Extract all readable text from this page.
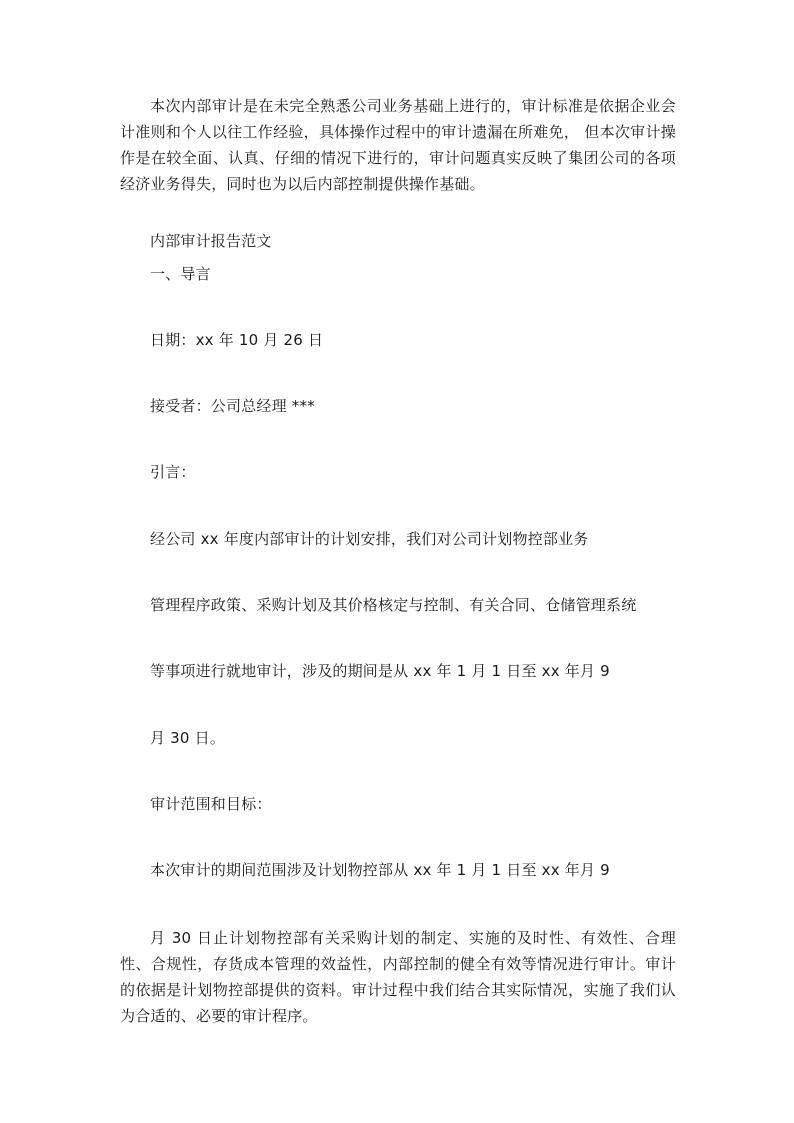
本次内部审计是在未完全熟悉公司业务基础上进行的，审计标准是依据企业会计准则和个人以往工作经验，具体操作过程中的审计遗漏在所难免， 但本次审计操作是在较全面、认真、仔细的情况下进行的，审计问题真实反映了集团公司的各项经济业务得失，同时也为以后内部控制提供操作基础。

内部审计报告范文

一、导言

日期：xx 年 10 月 26 日

接受者：公司总经理 ***

引言：

经公司 xx 年度内部审计的计划安排，我们对公司计划物控部业务

管理程序政策、采购计划及其价格核定与控制、有关合同、仓储管理系统

等事项进行就地审计，涉及的期间是从 xx 年 1 月 1 日至 xx 年月 9

月 30 日。

审计范围和目标：

本次审计的期间范围涉及计划物控部从 xx 年 1 月 1 日至 xx 年月 9

月 30 日止计划物控部有关采购计划的制定、实施的及时性、有效性、合理性、合规性，存货成本管理的效益性，内部控制的健全有效等情况进行审计。审计的依据是计划物控部提供的资料。审计过程中我们结合其实际情况，实施了我们认为合适的、必要的审计程序。
